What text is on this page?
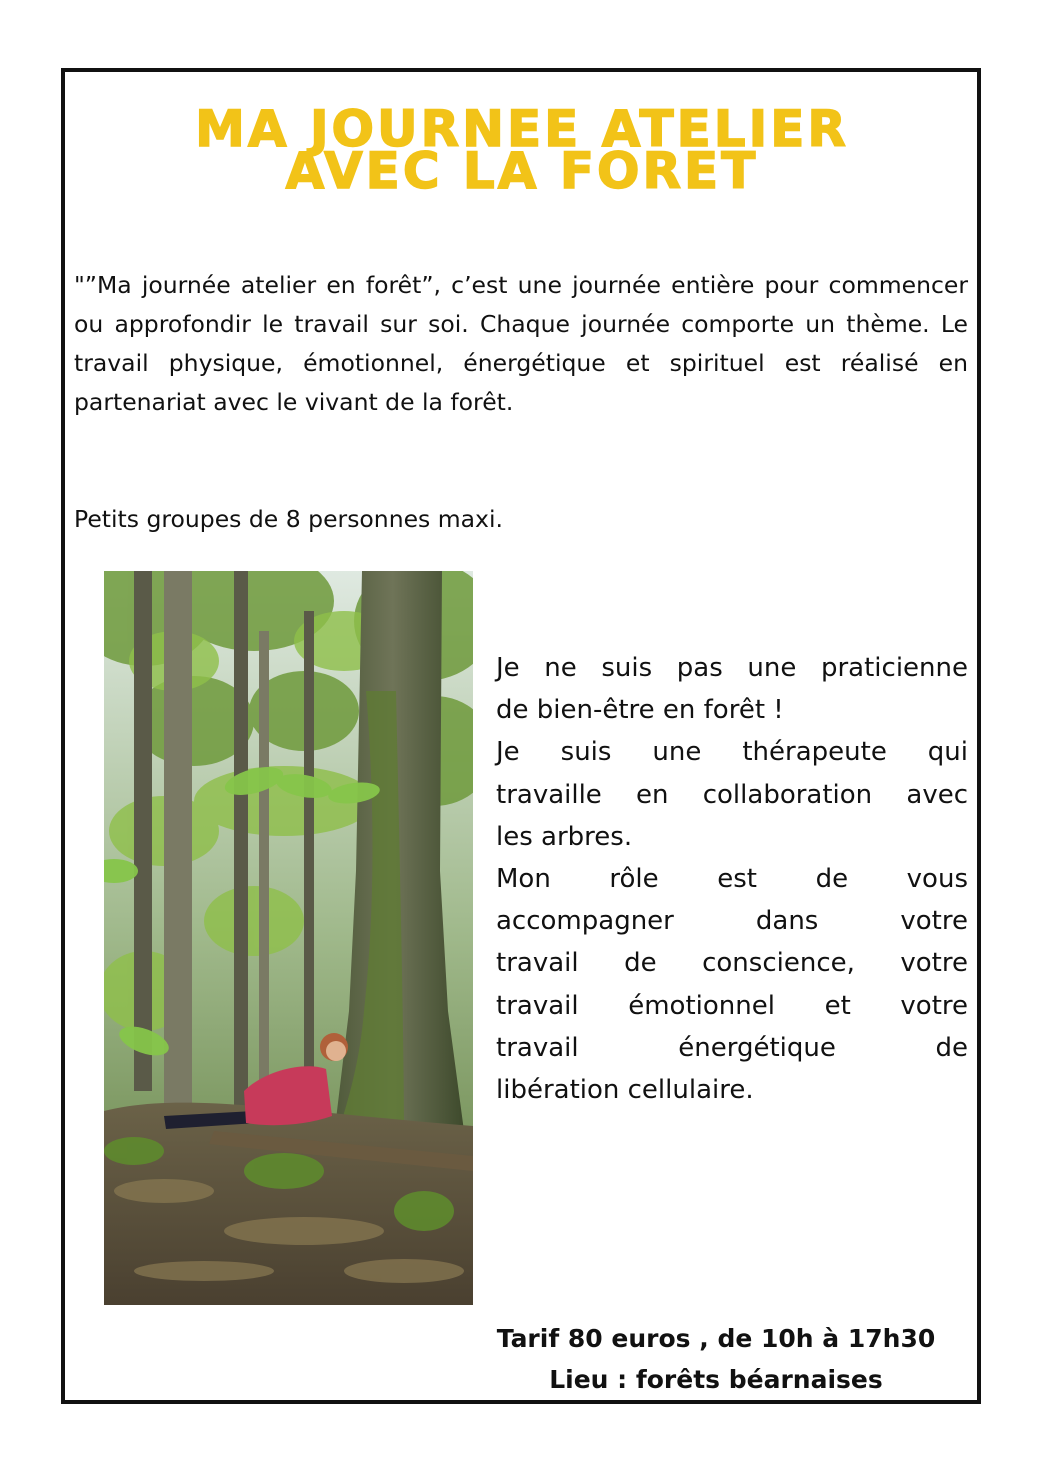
MA JOURNEE ATELIER
AVEC LA FORET

"”Ma journée atelier en forêt”, c’est une journée entière pour commencer ou approfondir le travail sur soi. Chaque journée comporte un thème. Le travail physique, émotionnel, énergétique et spirituel est réalisé en partenariat avec le vivant de la forêt.

Petits groupes de 8 personnes maxi.

Je ne suis pas une praticienne
de bien-être en forêt !
Je suis une thérapeute qui
travaille en collaboration avec
les arbres.
Mon rôle est de vous
accompagner dans votre
travail de conscience, votre
travail émotionnel et votre
travail énergétique de
libération cellulaire.
Tarif 80 euros , de 10h à 17h30
Lieu : forêts béarnaises
